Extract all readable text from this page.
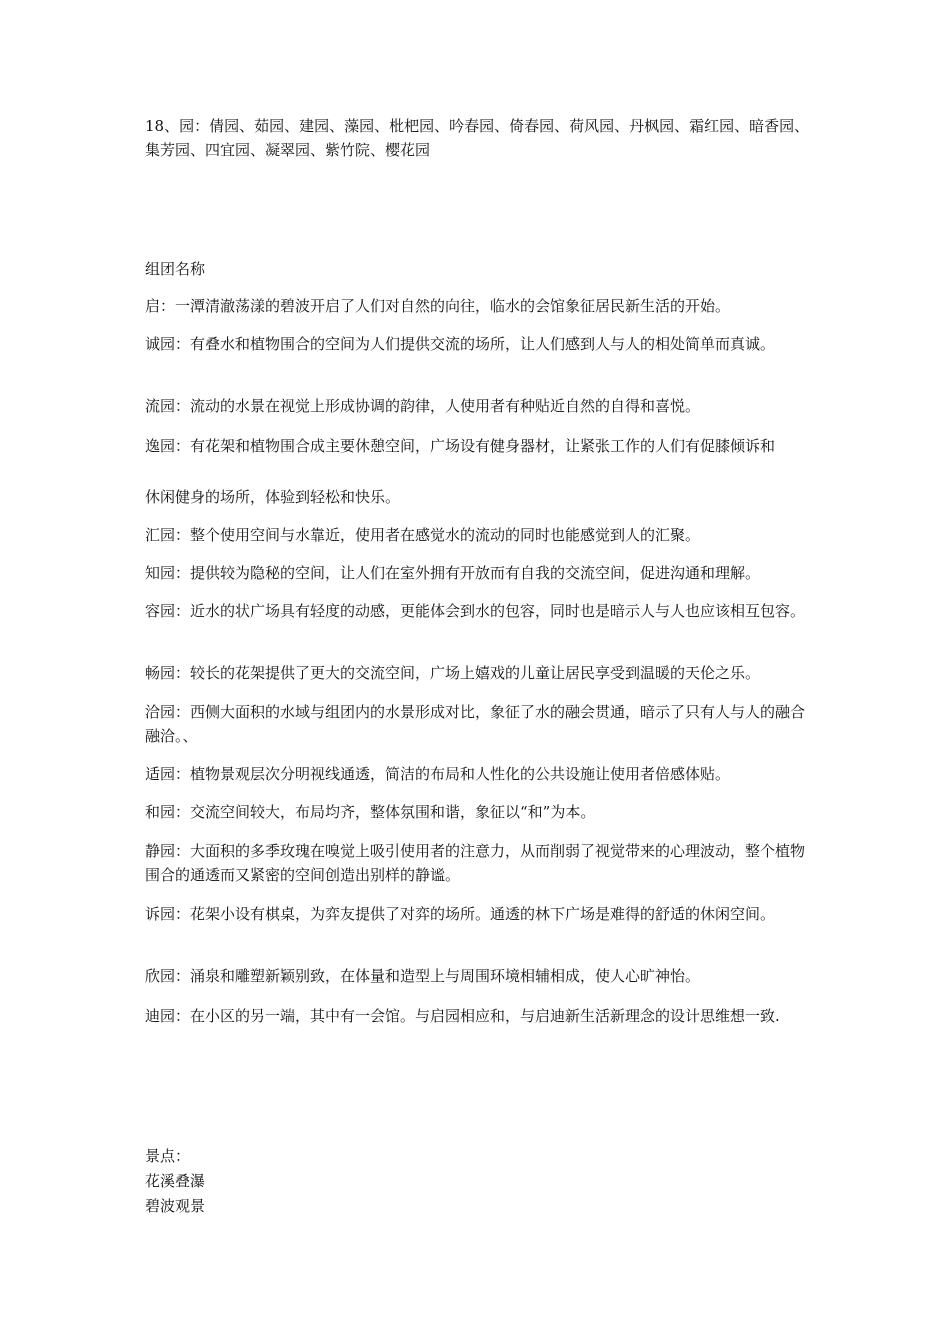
18、园：倩园、茹园、建园、藻园、枇杷园、吟春园、倚春园、荷风园、丹枫园、霜红园、暗香园、集芳园、四宜园、凝翠园、紫竹院、樱花园
组团名称
启：一潭清澈荡漾的碧波开启了人们对自然的向往，临水的会馆象征居民新生活的开始。
诚园：有叠水和植物围合的空间为人们提供交流的场所，让人们感到人与人的相处简单而真诚。
流园：流动的水景在视觉上形成协调的韵律，人使用者有种贴近自然的自得和喜悦。
逸园：有花架和植物围合成主要休憩空间，广场设有健身器材，让紧张工作的人们有促膝倾诉和
休闲健身的场所，体验到轻松和快乐。
汇园：整个使用空间与水靠近，使用者在感觉水的流动的同时也能感觉到人的汇聚。
知园：提供较为隐秘的空间，让人们在室外拥有开放而有自我的交流空间，促进沟通和理解。
容园：近水的状广场具有轻度的动感，更能体会到水的包容，同时也是暗示人与人也应该相互包容。
畅园：较长的花架提供了更大的交流空间，广场上嬉戏的儿童让居民享受到温暖的天伦之乐。
洽园：西侧大面积的水域与组团内的水景形成对比，象征了水的融会贯通，暗示了只有人与人的融合融洽。、
适园：植物景观层次分明视线通透，简洁的布局和人性化的公共设施让使用者倍感体贴。
和园：交流空间较大，布局均齐，整体氛围和谐，象征以“和”为本。
静园：大面积的多季玫瑰在嗅觉上吸引使用者的注意力，从而削弱了视觉带来的心理波动，整个植物围合的通透而又紧密的空间创造出别样的静谧。
诉园：花架小设有棋桌，为弈友提供了对弈的场所。通透的林下广场是难得的舒适的休闲空间。
欣园：涌泉和雕塑新颖别致，在体量和造型上与周围环境相辅相成，使人心旷神怡。
迪园：在小区的另一端，其中有一会馆。与启园相应和，与启迪新生活新理念的设计思维想一致.
景点：
花溪叠瀑
碧波观景
